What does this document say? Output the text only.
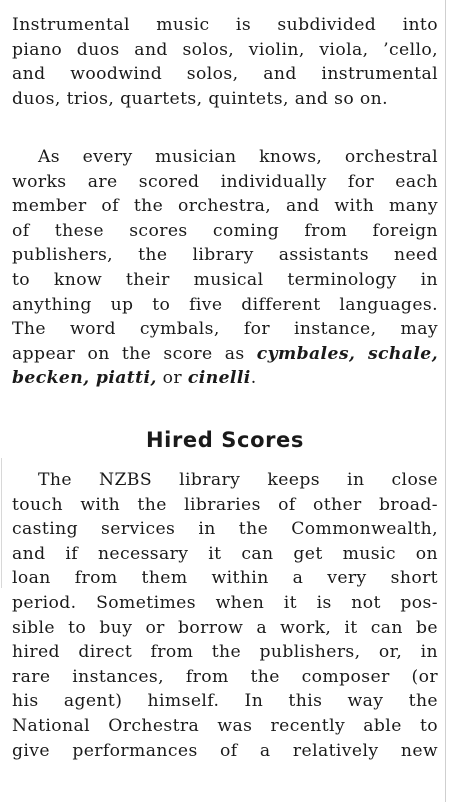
Instrumental music is subdivided into
piano duos and solos, violin, viola, ’cello,
and woodwind solos, and instrumental
duos, trios, quartets, quintets, and so on.

As every musician knows, orchestral
works are scored individually for each
member of the orchestra, and with many
of these scores coming from foreign
publishers, the library assistants need
to know their musical terminology in
anything up to five different languages.
The word cymbals, for instance, may
appear on the score as cymbales, schale,
becken, piatti, or cinelli.

Hired Scores

The NZBS library keeps in close
touch with the libraries of other broad-
casting services in the Commonwealth,
and if necessary it can get music on
loan from them within a very short
period. Sometimes when it is not pos-
sible to buy or borrow a work, it can be
hired direct from the publishers, or, in
rare instances, from the composer (or
his agent) himself. In this way the
National Orchestra was recently able to
give performances of a relatively new
